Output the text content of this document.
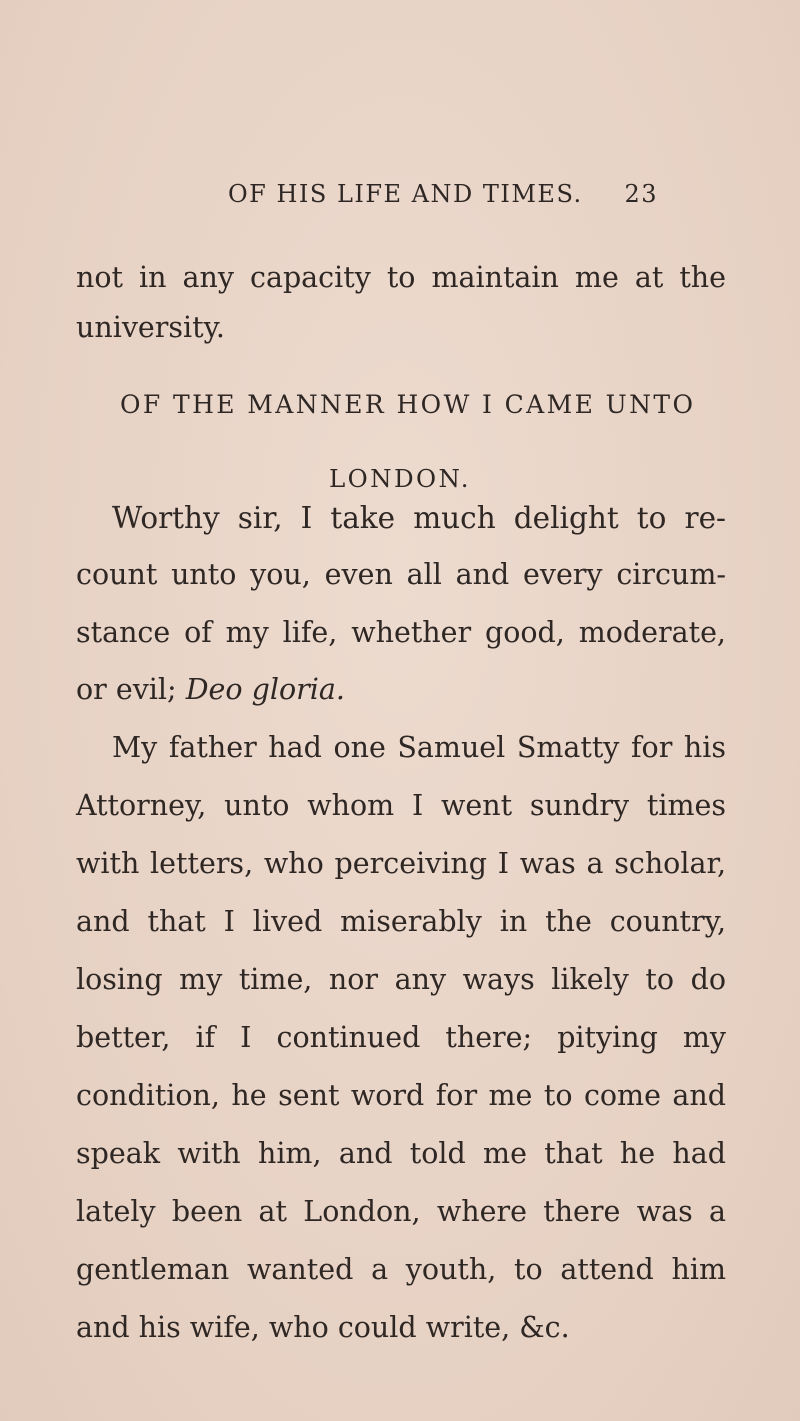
OF HIS LIFE AND TIMES. 23
not in any capacity to maintain me at the
university.
OF THE MANNER HOW I CAME UNTO
LONDON.
Worthy sir, I take much delight to re-
count unto you, even all and every circum-
stance of my life, whether good, moderate,
or evil; Deo gloria.
My father had one Samuel Smatty for his
Attorney, unto whom I went sundry times
with letters, who perceiving I was a scholar,
and that I lived miserably in the country,
losing my time, nor any ways likely to do
better, if I continued there; pitying my
condition, he sent word for me to come and
speak with him, and told me that he had
lately been at London, where there was a
gentleman wanted a youth, to attend him
and his wife, who could write, &c.
